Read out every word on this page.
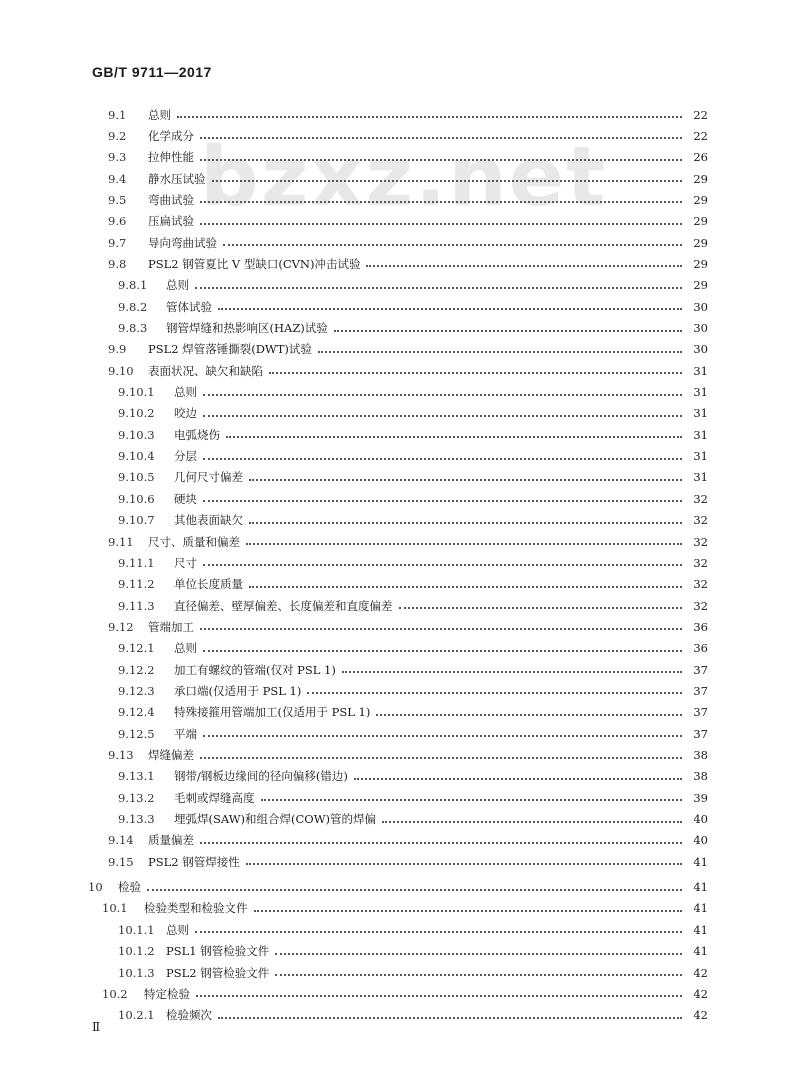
GB/T 9711—2017
bzxz.net
9.1	总则	22
9.2	化学成分	22
9.3	拉伸性能	26
9.4	静水压试验	29
9.5	弯曲试验	29
9.6	压扁试验	29
9.7	导向弯曲试验	29
9.8	PSL2 钢管夏比 V 型缺口(CVN)冲击试验	29
9.8.1	总则	29
9.8.2	管体试验	30
9.8.3	钢管焊缝和热影响区(HAZ)试验	30
9.9	PSL2 焊管落锤撕裂(DWT)试验	30
9.10 表面状况、缺欠和缺陷	31
9.10.1	总则	31
9.10.2	咬边	31
9.10.3	电弧烧伤	31
9.10.4	分层	31
9.10.5	几何尺寸偏差	31
9.10.6	硬块	32
9.10.7	其他表面缺欠	32
9.11 尺寸、质量和偏差	32
9.11.1	尺寸	32
9.11.2	单位长度质量	32
9.11.3	直径偏差、壁厚偏差、长度偏差和直度偏差	32
9.12 管端加工	36
9.12.1	总则	36
9.12.2	加工有螺纹的管端(仅对 PSL 1)	37
9.12.3	承口端(仅适用于 PSL 1)	37
9.12.4	特殊接箍用管端加工(仅适用于 PSL 1)	37
9.12.5	平端	37
9.13 焊缝偏差	38
9.13.1	钢带/钢板边缘间的径向偏移(错边)	38
9.13.2	毛刺或焊缝高度	39
9.13.3	埋弧焊(SAW)和组合焊(COW)管的焊偏	40
9.14 质量偏差	40
9.15 PSL2 钢管焊接性	41
10 检验	41
10.1	检验类型和检验文件	41
10.1.1 总则	41
10.1.2 PSL1 钢管检验文件	41
10.1.3 PSL2 钢管检验文件	42
10.2	特定检验	42
10.2.1 检验频次	42
Ⅱ
